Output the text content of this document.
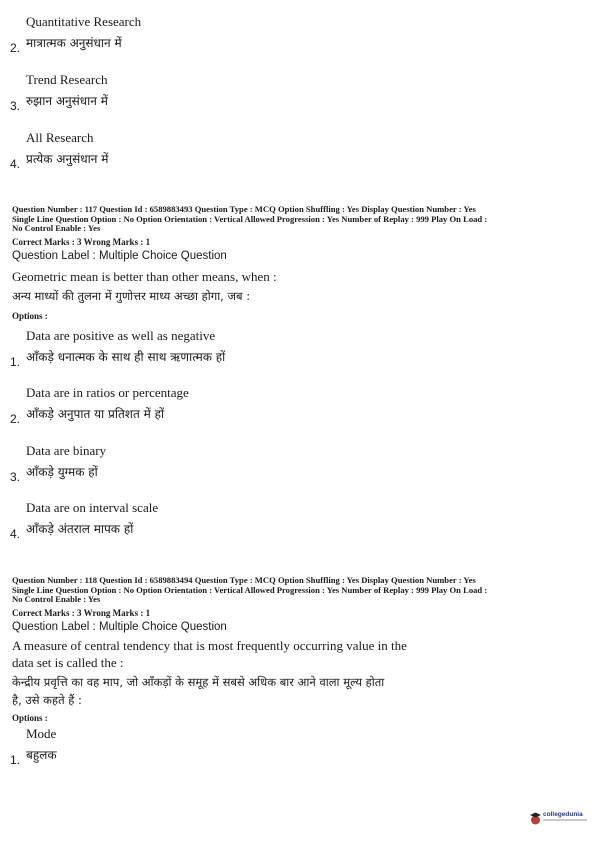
Quantitative Research
मात्रात्मक अनुसंधान में
2.
Trend Research
रुझान अनुसंधान में
3.
All Research
प्रत्येक अनुसंधान में
4.
Question Number : 117 Question Id : 6589883493 Question Type : MCQ Option Shuffling : Yes Display Question Number : Yes
Single Line Question Option : No Option Orientation : Vertical Allowed Progression : Yes Number of Replay : 999 Play On Load :
No Control Enable : Yes
Correct Marks : 3 Wrong Marks : 1
Question Label : Multiple Choice Question
Geometric mean is better than other means, when :
अन्य माध्यों की तुलना में गुणोत्तर माध्य अच्छा होगा, जब :
Options :
Data are positive as well as negative
आँकड़े धनात्मक के साथ ही साथ ऋणात्मक हों
1.
Data are in ratios or percentage
आँकड़े अनुपात या प्रतिशत में हों
2.
Data are binary
आँकड़े युग्मक हों
3.
Data are on interval scale
आँकड़े अंतराल मापक हों
4.
Question Number : 118 Question Id : 6589883494 Question Type : MCQ Option Shuffling : Yes Display Question Number : Yes
Single Line Question Option : No Option Orientation : Vertical Allowed Progression : Yes Number of Replay : 999 Play On Load :
No Control Enable : Yes
Correct Marks : 3 Wrong Marks : 1
Question Label : Multiple Choice Question
A measure of central tendency that is most frequently occurring value in the
data set is called the :
केन्द्रीय प्रवृत्ति का वह माप, जो आँकड़ों के समूह में सबसे अधिक बार आने वाला मूल्य होता
है, उसे कहते हैं :
Options :
Mode
बहुलक
1.
collegedunia
